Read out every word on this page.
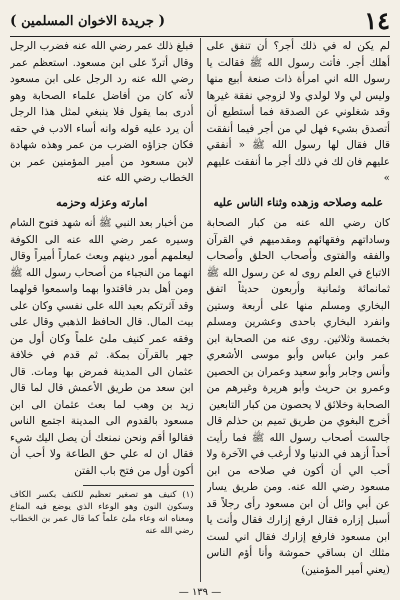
١٤
( جريدة الاخوان المسلمين )

لم يكن له في ذلك أجر؟ أن تنفق على أهلك أجر. فأتت رسول الله ﷺ فقالت يا رسول الله اني امرأة ذات صنعة أبيع منها وليس لي ولا لولدي ولا لزوجي نفقة غيرها وقد شغلوني عن الصدقة فما أستطيع أن أتصدق بشيء فهل لي من أجر فيما أنفقت قال فقال لها رسول الله ﷺ « أنفقي عليهم فان لك في ذلك أجر ما أنفقت عليهم »

علمه وصلاحه وزهده وثناء الناس عليه

كان رضي الله عنه من كبار الصحابة وساداتهم وفقهائهم ومقدميهم في القرآن والفقه والفتوى وأصحاب الحلق وأصحاب الاتباع في العلم روى له عن رسول الله ﷺ ثمانمائة وثمانية وأربعون حديثاً اتفق البخاري ومسلم منها على أربعة وستين وانفرد البخاري باحدى وعشرين ومسلم بخمسة وثلاثين. روى عنه من الصحابة ابن عمر وابن عباس وأبو موسى الأشعري وأنس وجابر وأبو سعيد وعمران بن الحصين وعمرو بن حريث وأبو هريرة وغيرهم من الصحابة وخلائق لا يحصون من كبار التابعين

أخرج البغوي من طريق تميم بن حذلم قال جالست أصحاب رسول الله ﷺ فما رأيت أحداً أزهد في الدنيا ولا أرغب في الآخرة ولا أحب الي أن أكون في صلاحه من ابن مسعود رضي الله عنه. ومن طريق يسار عن أبي وائل أن ابن مسعود رأى رجلاً قد أسبل إزاره فقال ارفع إزارك فقال وأنت يا ابن مسعود فارفع إزارك فقال اني لست مثلك ان بساقي حموشة وأنا أؤم الناس (يعني أمير المؤمنين)

فبلغ ذلك عمر رضي الله عنه فضرب الرجل وقال أتردّ على ابن مسعود. استعظم عمر رضي الله عنه رد الرجل على ابن مسعود لأنه كان من أفاضل علماء الصحابة وهو أدرى بما يقول فلا ينبغي لمثل هذا الرجل أن يرد عليه قوله وانه أساء الادب في حقه فكان جزاؤه الضرب من عمر وهذه شهادة لابن مسعود من أمير المؤمنين عمر بن الخطاب رضي الله عنه

امارته وعزله وحزمه

من أخبار بعد النبي ﷺ أنه شهد فتوح الشام وسيره عمر رضي الله عنه الى الكوفة ليعلمهم أمور دينهم وبعث عماراً أميراً وقال انهما من النجباء من أصحاب رسول الله ﷺ ومن أهل بدر فاقتدوا بهما واسمعوا قولهما وقد آثرتكم بعبد الله على نفسي وكان على بيت المال. قال الحافظ الذهبي وقال على وفقه عمر كنيف ملئ علماً وكان أول من جهر بالقرآن بمكة. ثم قدم في خلافة عثمان الى المدينة فمرض بها ومات. قال ابن سعد من طريق الأعمش قال لما قال زيد بن وهب لما بعث عثمان الى ابن مسعود بالقدوم الى المدينة اجتمع الناس فقالوا أقم ونحن نمنعك أن يصل اليك شيء فقال ان له علي حق الطاعة ولا أحب أن أكون أول من فتح باب الفتن

(١) كنيف هو تصغير تعظيم للكنف بكسر الكاف وسكون النون وهو الوعاء الذي يوضع فيه المتاع ومعناه انه وعاء ملئ علماً كما قال عمر بن الخطاب رضي الله عنه

— ١٣٩ —
